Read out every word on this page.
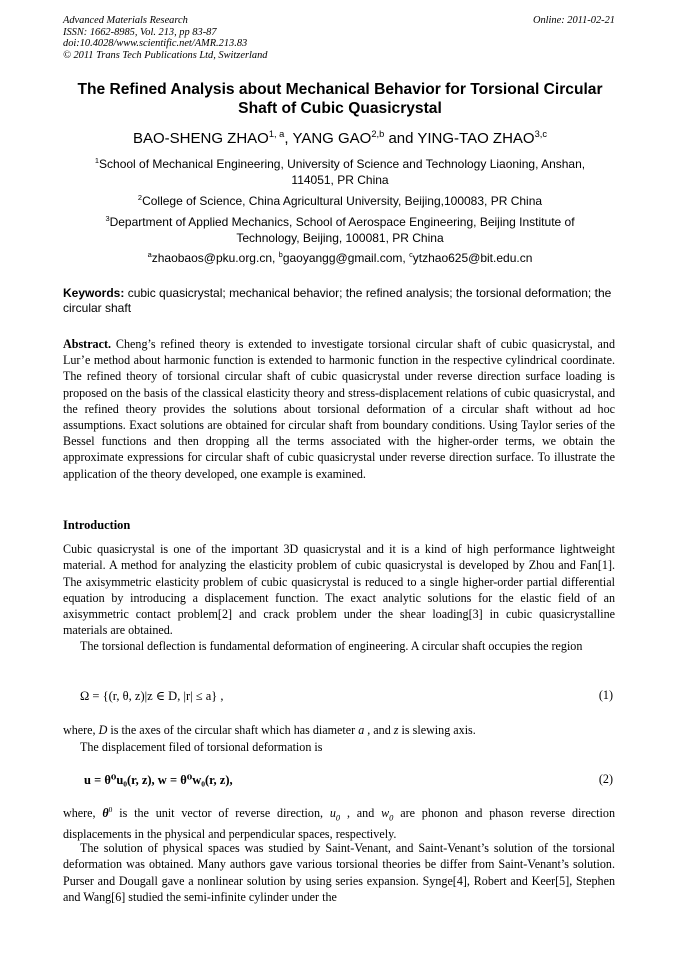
Advanced Materials Research
ISSN: 1662-8985, Vol. 213, pp 83-87
doi:10.4028/www.scientific.net/AMR.213.83
© 2011 Trans Tech Publications Ltd, Switzerland
Online: 2011-02-21
The Refined Analysis about Mechanical Behavior for Torsional Circular
Shaft of Cubic Quasicrystal
BAO-SHENG ZHAO$^{1, a}$, YANG GAO$^{2,b}$ and YING-TAO ZHAO$^{3,c}$
$^1$School of Mechanical Engineering, University of Science and Technology Liaoning, Anshan,
114051, PR China
$^2$College of Science, China Agricultural University, Beijing,100083, PR China
$^3$Department of Applied Mechanics, School of Aerospace Engineering, Beijing Institute of
Technology, Beijing, 100081, PR China
$^a$zhaobaos@pku.org.cn, $^b$gaoyangg@gmail.com, $^c$ytzhao625@bit.edu.cn
Keywords: cubic quasicrystal; mechanical behavior; the refined analysis; the torsional deformation; the circular shaft
Abstract. Cheng’s refined theory is extended to investigate torsional circular shaft of cubic quasicrystal, and Lur’e method about harmonic function is extended to harmonic function in the respective cylindrical coordinate. The refined theory of torsional circular shaft of cubic quasicrystal under reverse direction surface loading is proposed on the basis of the classical elasticity theory and stress-displacement relations of cubic quasicrystal, and the refined theory provides the solutions about torsional deformation of a circular shaft without ad hoc assumptions. Exact solutions are obtained for circular shaft from boundary conditions. Using Taylor series of the Bessel functions and then dropping all the terms associated with the higher-order terms, we obtain the approximate expressions for circular shaft of cubic quasicrystal under reverse direction surface. To illustrate the application of the theory developed, one example is examined.
Introduction
Cubic quasicrystal is one of the important 3D quasicrystal and it is a kind of high performance lightweight material. A method for analyzing the elasticity problem of cubic quasicrystal is developed by Zhou and Fan[1]. The axisymmetric elasticity problem of cubic quasicrystal is reduced to a single higher-order partial differential equation by introducing a displacement function. The exact analytic solutions for the elastic field of an axisymmetric contact problem[2] and crack problem under the shear loading[3] in cubic quasicrystalline materials are obtained.
The torsional deflection is fundamental deformation of engineering. A circular shaft occupies the region
Ω = {(r, θ, z)|z ∈ D, |r| ≤ a} ,	(1)
where, D is the axes of the circular shaft which has diameter a , and z is slewing axis.
The displacement filed of torsional deformation is
u = θ⁰u₀(r, z), w = θ⁰w₀(r, z),	(2)
where, $\theta^0$ is the unit vector of reverse direction, $u_0$ , and $w_0$ are phonon and phason reverse direction displacements in the physical and perpendicular spaces, respectively.
The solution of physical spaces was studied by Saint-Venant, and Saint-Venant’s solution of the torsional deformation was obtained. Many authors gave various torsional theories be differ from Saint-Venant’s solution. Purser and Dougall gave a nonlinear solution by using series expansion. Synge[4], Robert and Keer[5], Stephen and Wang[6] studied the semi-infinite cylinder under the
